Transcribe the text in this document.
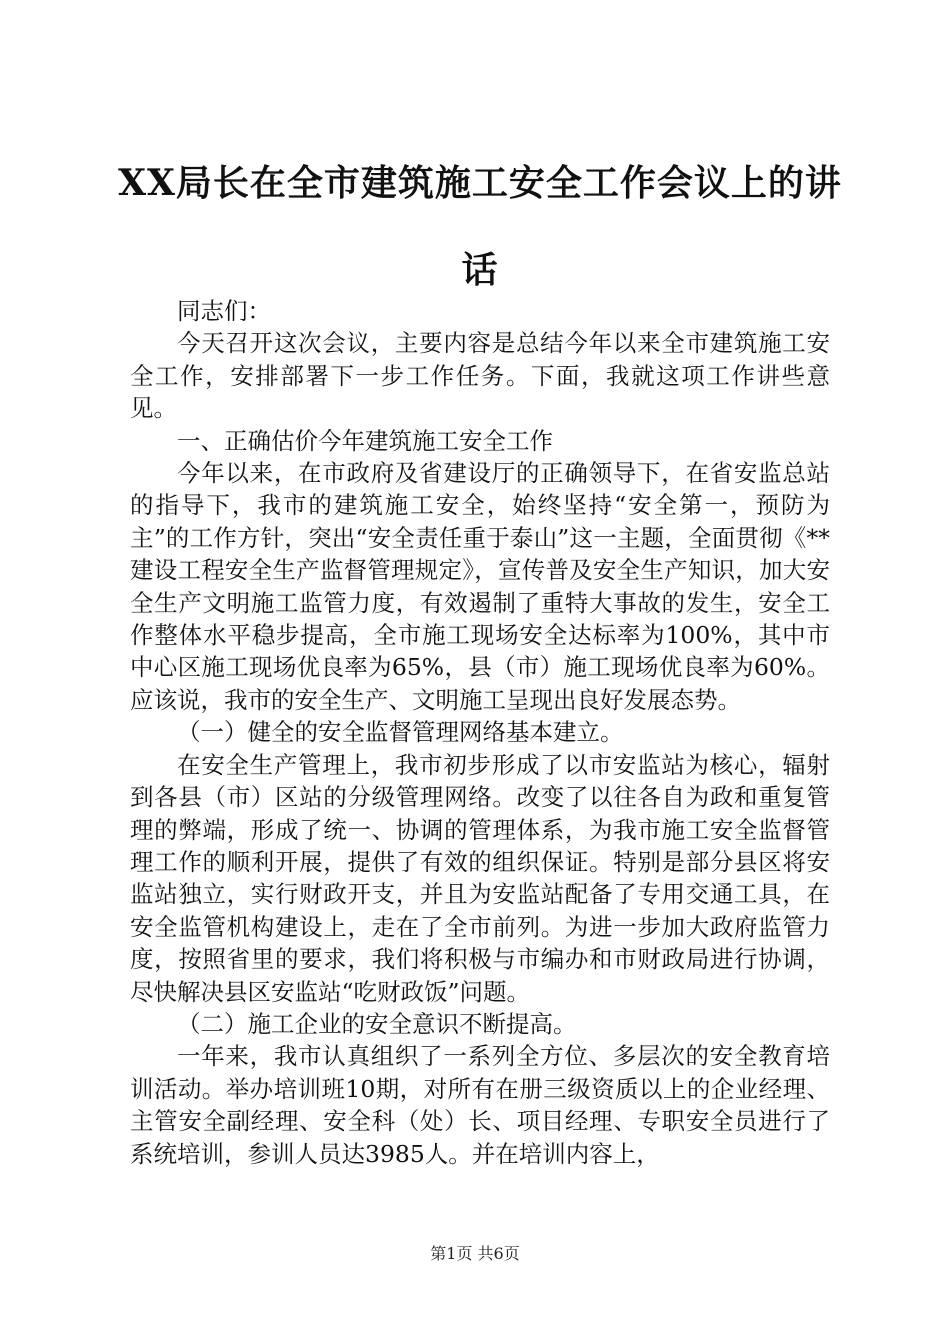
XX局长在全市建筑施工安全工作会议上的讲
话

同志们：

今天召开这次会议，主要内容是总结今年以来全市建筑施工安全工作，安排部署下一步工作任务。下面，我就这项工作讲些意见。

一、正确估价今年建筑施工安全工作

今年以来，在市政府及省建设厅的正确领导下，在省安监总站的指导下，我市的建筑施工安全，始终坚持“安全第一，预防为主”的工作方针，突出“安全责任重于泰山”这一主题，全面贯彻《**建设工程安全生产监督管理规定》，宣传普及安全生产知识，加大安全生产文明施工监管力度，有效遏制了重特大事故的发生，安全工作整体水平稳步提高，全市施工现场安全达标率为100%，其中市中心区施工现场优良率为65%，县（市）施工现场优良率为60%。应该说，我市的安全生产、文明施工呈现出良好发展态势。

（一）健全的安全监督管理网络基本建立。

在安全生产管理上，我市初步形成了以市安监站为核心，辐射到各县（市）区站的分级管理网络。改变了以往各自为政和重复管理的弊端，形成了统一、协调的管理体系，为我市施工安全监督管理工作的顺利开展，提供了有效的组织保证。特别是部分县区将安监站独立，实行财政开支，并且为安监站配备了专用交通工具，在安全监管机构建设上，走在了全市前列。为进一步加大政府监管力度，按照省里的要求，我们将积极与市编办和市财政局进行协调，尽快解决县区安监站“吃财政饭”问题。

（二）施工企业的安全意识不断提高。

一年来，我市认真组织了一系列全方位、多层次的安全教育培训活动。举办培训班10期，对所有在册三级资质以上的企业经理、主管安全副经理、安全科（处）长、项目经理、专职安全员进行了系统培训，参训人员达3985人。并在培训内容上，

第1页 共6页
